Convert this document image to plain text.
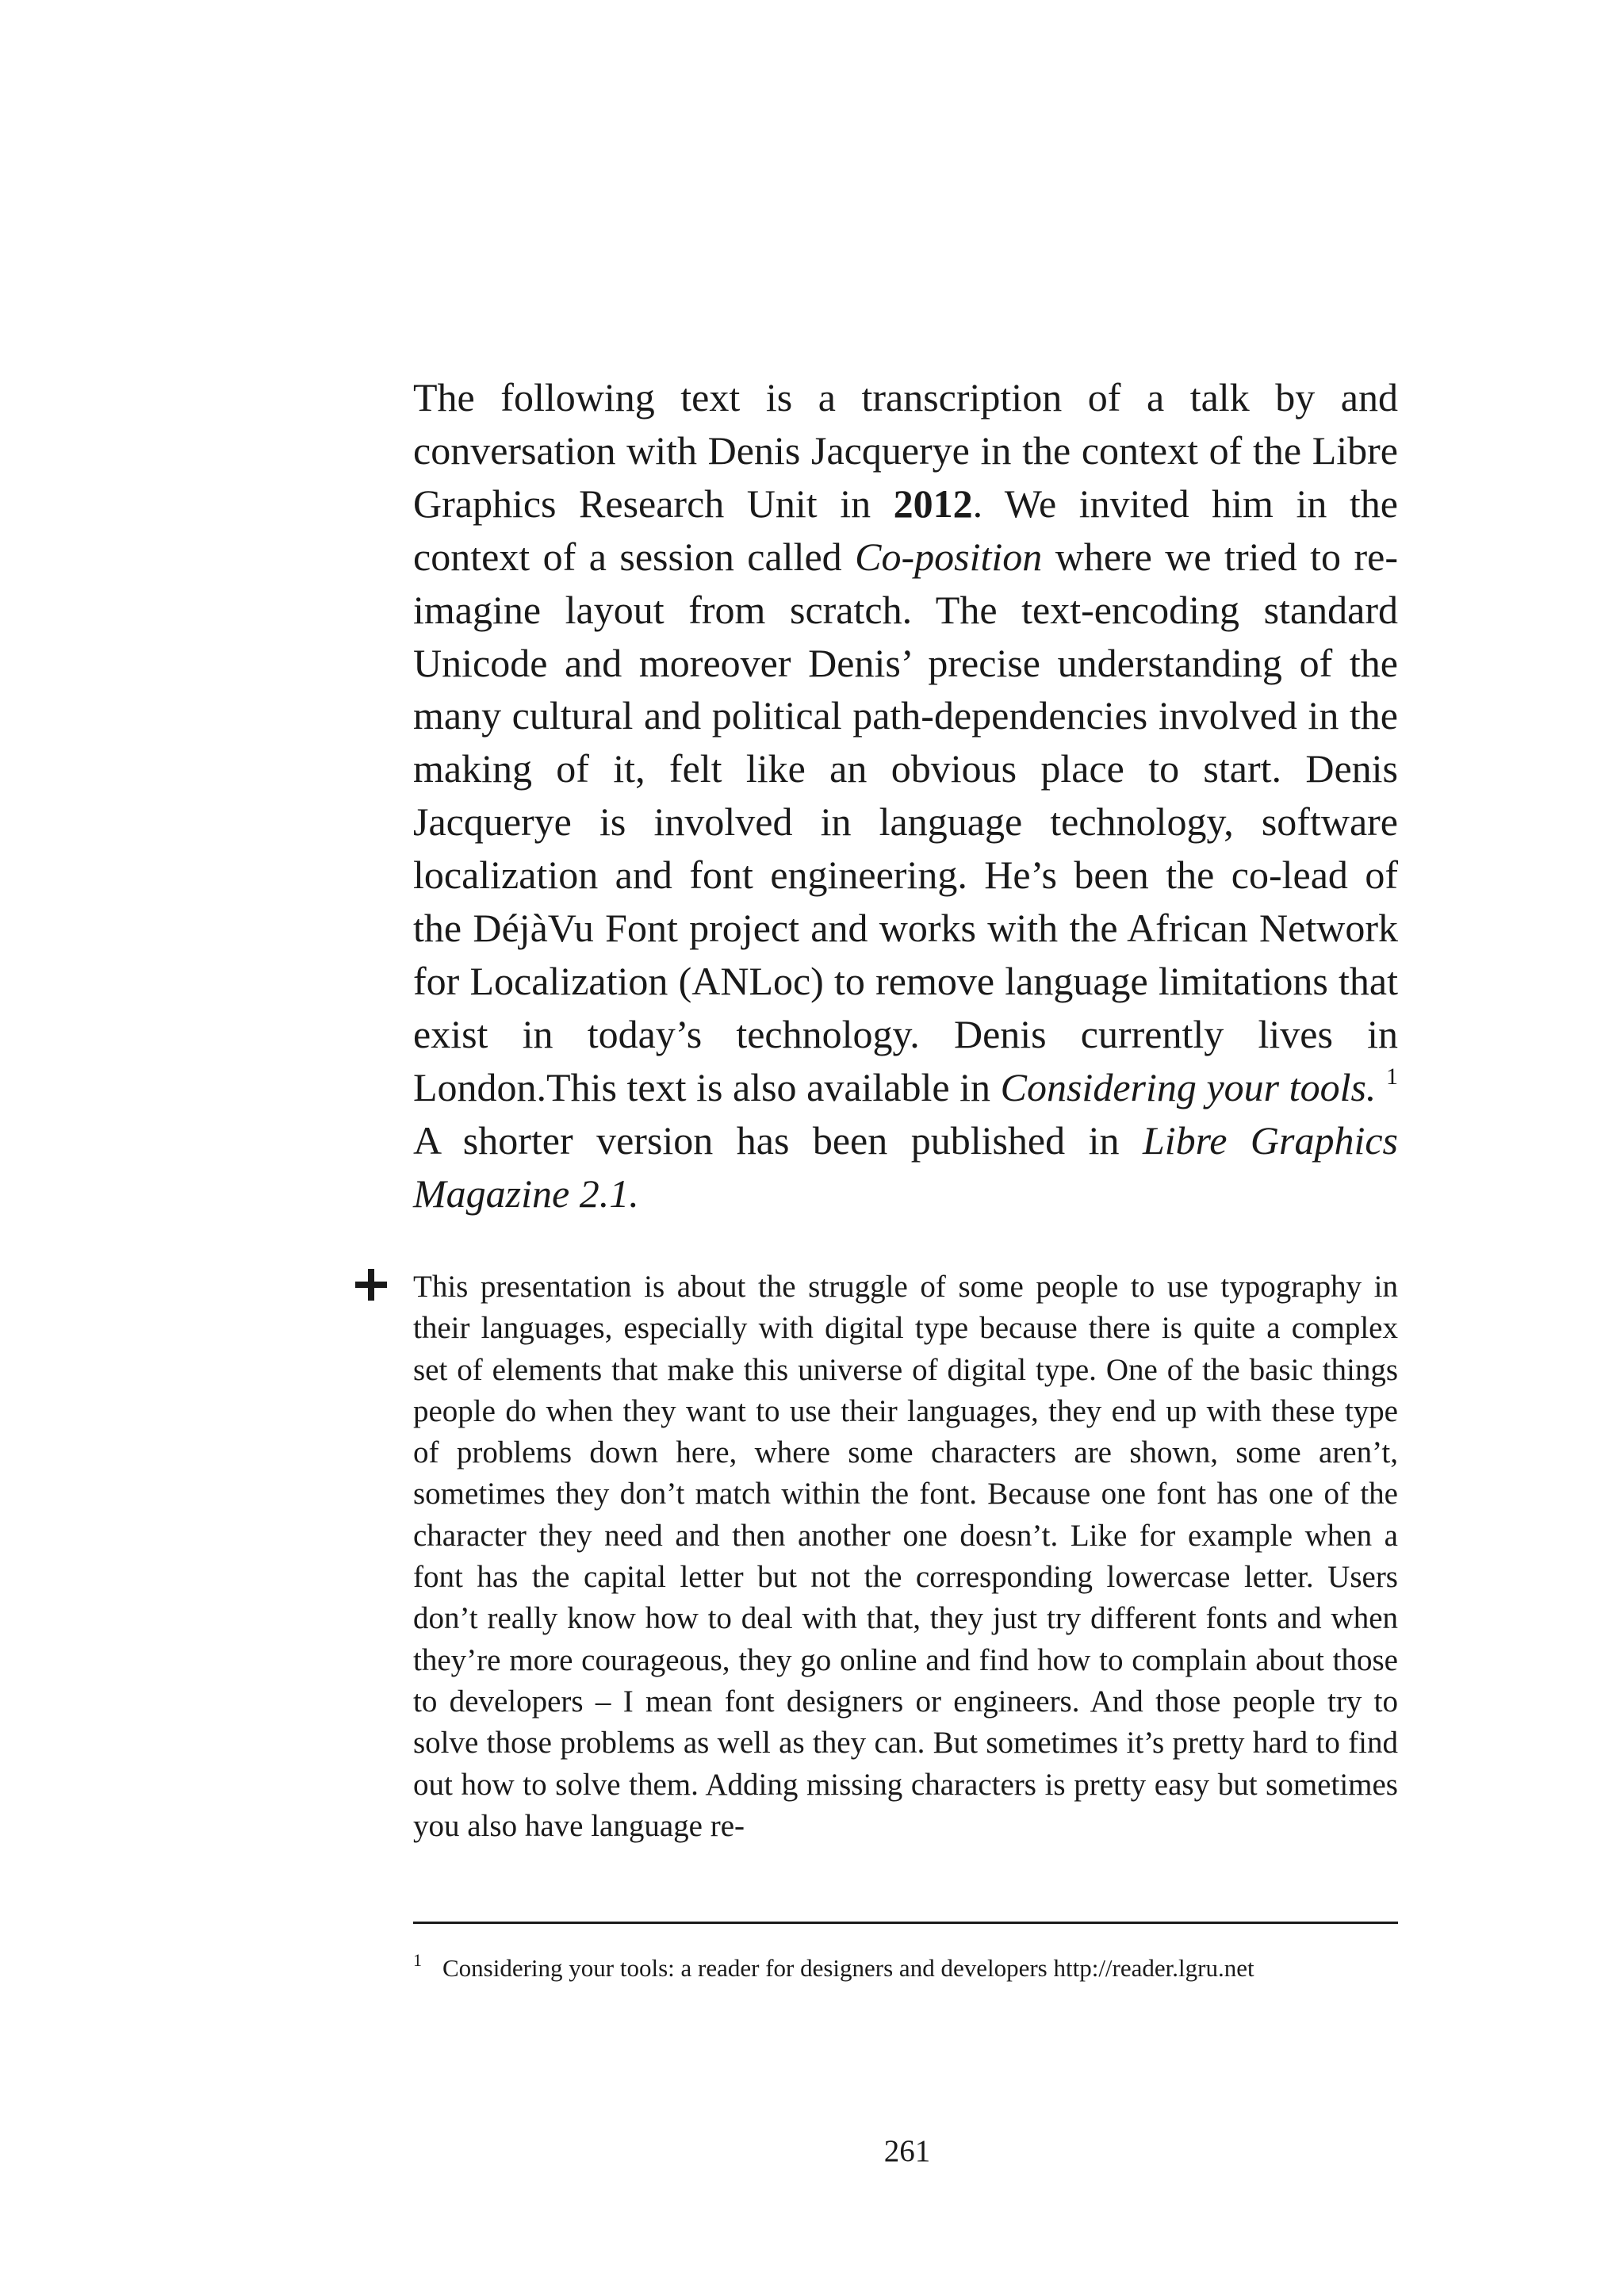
The following text is a transcription of a talk by and conversation with Denis Jacquerye in the context of the Libre Graphics Research Unit in 2012. We invited him in the context of a session called Co-position where we tried to re-imagine layout from scratch. The text-encoding standard Unicode and moreover Denis’ precise understanding of the many cultural and political path-dependencies involved in the making of it, felt like an obvious place to start. Denis Jacquerye is involved in language technology, software localization and font engineering. He’s been the co-lead of the DéjàVu Font project and works with the African Network for Localization (ANLoc) to remove language limitations that exist in today’s technology. Denis currently lives in London.This text is also available in Considering your tools. $^1$ A shorter version has been published in Libre Graphics Magazine 2.1.

This presentation is about the struggle of some people to use typography in their languages, especially with digital type because there is quite a complex set of elements that make this universe of digital type. One of the basic things people do when they want to use their languages, they end up with these type of problems down here, where some characters are shown, some aren’t, sometimes they don’t match within the font. Because one font has one of the character they need and then another one doesn’t. Like for example when a font has the capital letter but not the corresponding lowercase letter. Users don’t really know how to deal with that, they just try different fonts and when they’re more courageous, they go online and find how to complain about those to developers – I mean font designers or engineers. And those people try to solve those problems as well as they can. But sometimes it’s pretty hard to find out how to solve them. Adding missing characters is pretty easy but sometimes you also have language re-

$^1$ Considering your tools: a reader for designers and developers http://reader.lgru.net

261
